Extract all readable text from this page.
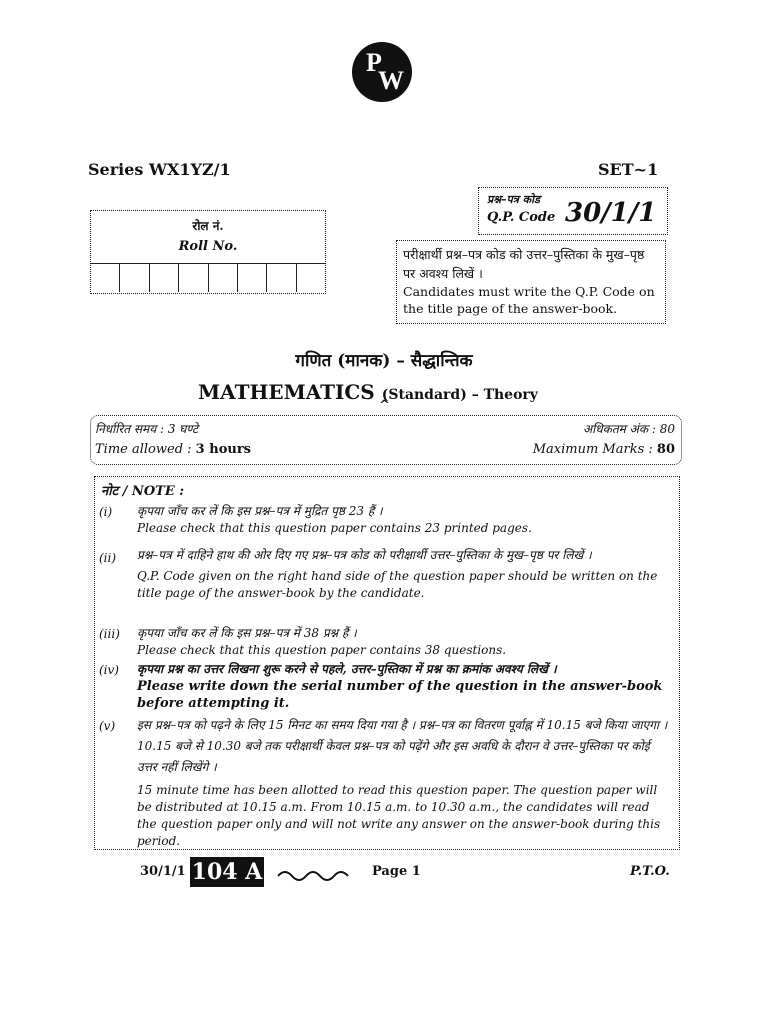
P
W
Series WX1YZ/1	SET~1
प्रश्न–पत्र कोड
Q.P. Code 30/1/1
रोल नं.
Roll No.
परीक्षार्थी प्रश्न–पत्र कोड को उत्तर–पुस्तिका के मुख–पृष्ठ पर अवश्य लिखें ।
Candidates must write the Q.P. Code on the title page of the answer-book.
गणित (मानक) – सैद्धान्तिक
MATHEMATICS (Standard) – Theory
^
निर्धारित समय : 3 घण्टे	अधिकतम अंक : 80
Time allowed : 3 hours	Maximum Marks : 80
नोट / NOTE :
(i) कृपया जाँच कर लें कि इस प्रश्न–पत्र में मुद्रित पृष्ठ 23 हैं ।
Please check that this question paper contains 23 printed pages.
(ii) प्रश्न–पत्र में दाहिने हाथ की ओर दिए गए प्रश्न–पत्र कोड को परीक्षार्थी उत्तर–पुस्तिका के मुख–पृष्ठ पर लिखें ।
Q.P. Code given on the right hand side of the question paper should be written on the title page of the answer-book by the candidate.
(iii) कृपया जाँच कर लें कि इस प्रश्न–पत्र में 38 प्रश्न हैं ।
Please check that this question paper contains 38 questions.
(iv) कृपया प्रश्न का उत्तर लिखना शुरू करने से पहले, उत्तर–पुस्तिका में प्रश्न का क्रमांक अवश्य लिखें ।
Please write down the serial number of the question in the answer-book before attempting it.
(v) इस प्रश्न–पत्र को पढ़ने के लिए 15 मिनट का समय दिया गया है । प्रश्न–पत्र का वितरण पूर्वाह्न में 10.15 बजे किया जाएगा । 10.15 बजे से 10.30 बजे तक परीक्षार्थी केवल प्रश्न–पत्र को पढ़ेंगे और इस अवधि के दौरान वे उत्तर–पुस्तिका पर कोई उत्तर नहीं लिखेंगे ।
15 minute time has been allotted to read this question paper. The question paper will be distributed at 10.15 a.m. From 10.15 a.m. to 10.30 a.m., the candidates will read the question paper only and will not write any answer on the answer-book during this period.
30/1/1 104 A	Page 1	P.T.O.
